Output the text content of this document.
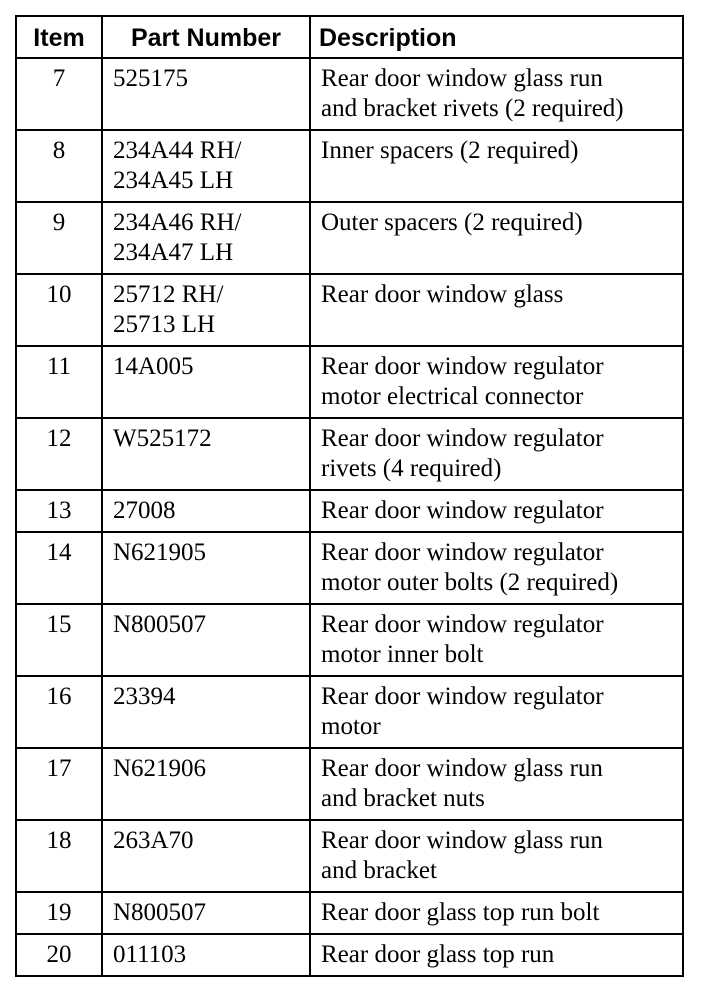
Item	Part Number	Description
7	525175	Rear door window glass run
and bracket rivets (2 required)

8	234A44 RH/
234A45 LH	Inner spacers (2 required)

9	234A46 RH/
234A47 LH	Outer spacers (2 required)

10	25712 RH/
25713 LH	Rear door window glass

11	14A005	Rear door window regulator
motor electrical connector

12	W525172	Rear door window regulator
rivets (4 required)

13	27008	Rear door window regulator

14	N621905	Rear door window regulator
motor outer bolts (2 required)

15	N800507	Rear door window regulator
motor inner bolt

16	23394	Rear door window regulator
motor

17	N621906	Rear door window glass run
and bracket nuts

18	263A70	Rear door window glass run
and bracket

19	N800507	Rear door glass top run bolt

20	011103	Rear door glass top run
